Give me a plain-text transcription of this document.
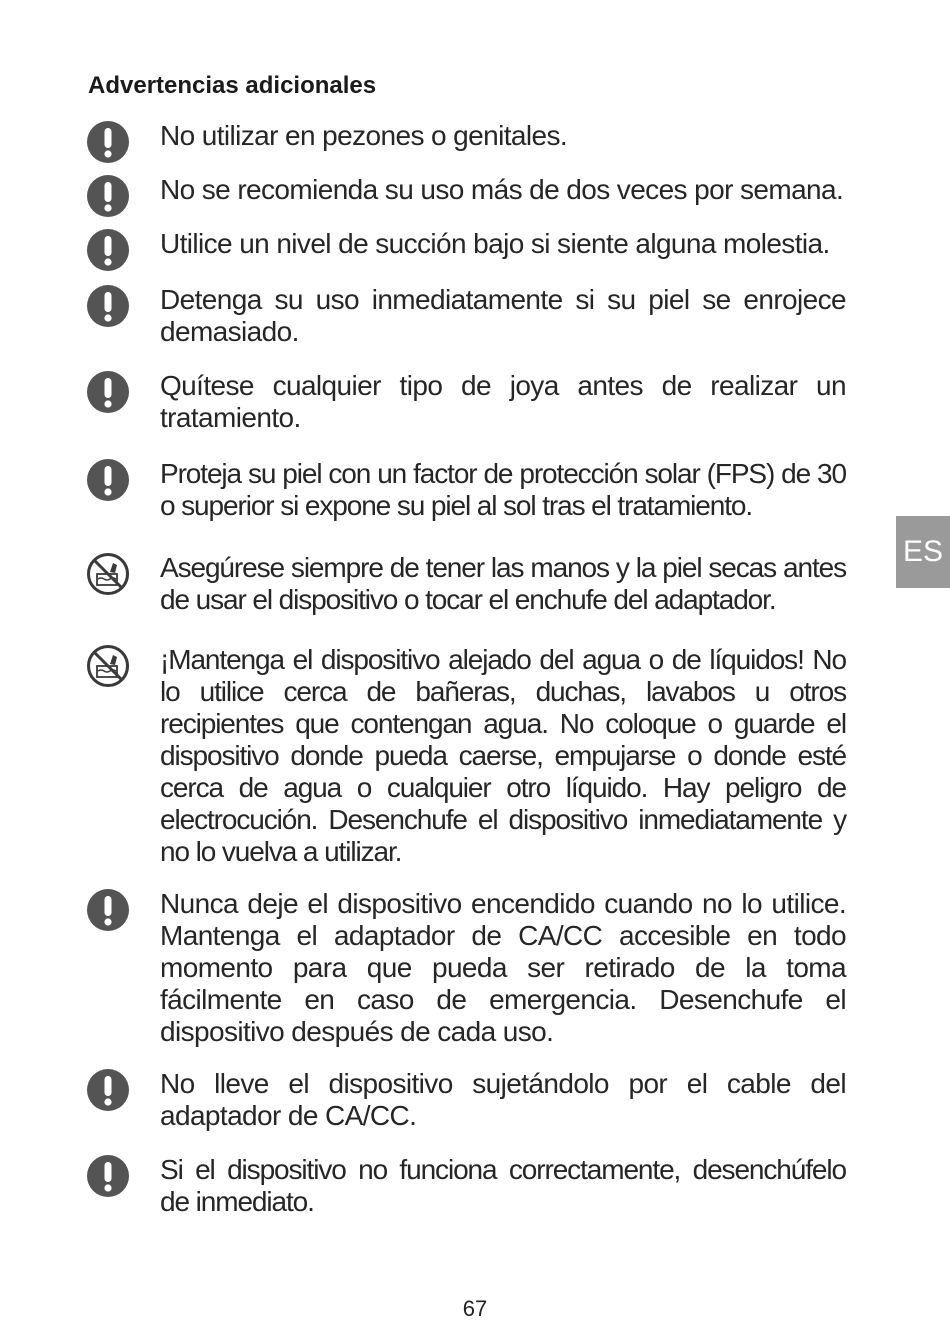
Advertencias adicionales
No utilizar en pezones o genitales.
No se recomienda su uso más de dos veces por semana.
Utilice un nivel de succión bajo si siente alguna molestia.
Detenga su uso inmediatamente si su piel se enrojece demasiado.
Quítese cualquier tipo de joya antes de realizar un tratamiento.
Proteja su piel con un factor de protección solar (FPS) de 30 o superior si expone su piel al sol tras el tratamiento.
Asegúrese siempre de tener las manos y la piel secas antes de usar el dispositivo o tocar el enchufe del adaptador.
¡Mantenga el dispositivo alejado del agua o de líquidos! No lo utilice cerca de bañeras, duchas, lavabos u otros recipientes que contengan agua. No coloque o guarde el dispositivo donde pueda caerse, empujarse o donde esté cerca de agua o cualquier otro líquido. Hay peligro de electrocución. Desenchufe el dispositivo inmediatamente y no lo vuelva a utilizar.
Nunca deje el dispositivo encendido cuando no lo utilice. Mantenga el adaptador de CA/CC accesible en todo momento para que pueda ser retirado de la toma fácilmente en caso de emergencia. Desenchufe el dispositivo después de cada uso.
No lleve el dispositivo sujetándolo por el cable del adaptador de CA/CC.
Si el dispositivo no funciona correctamente, desenchúfelo de inmediato.
ES
67
